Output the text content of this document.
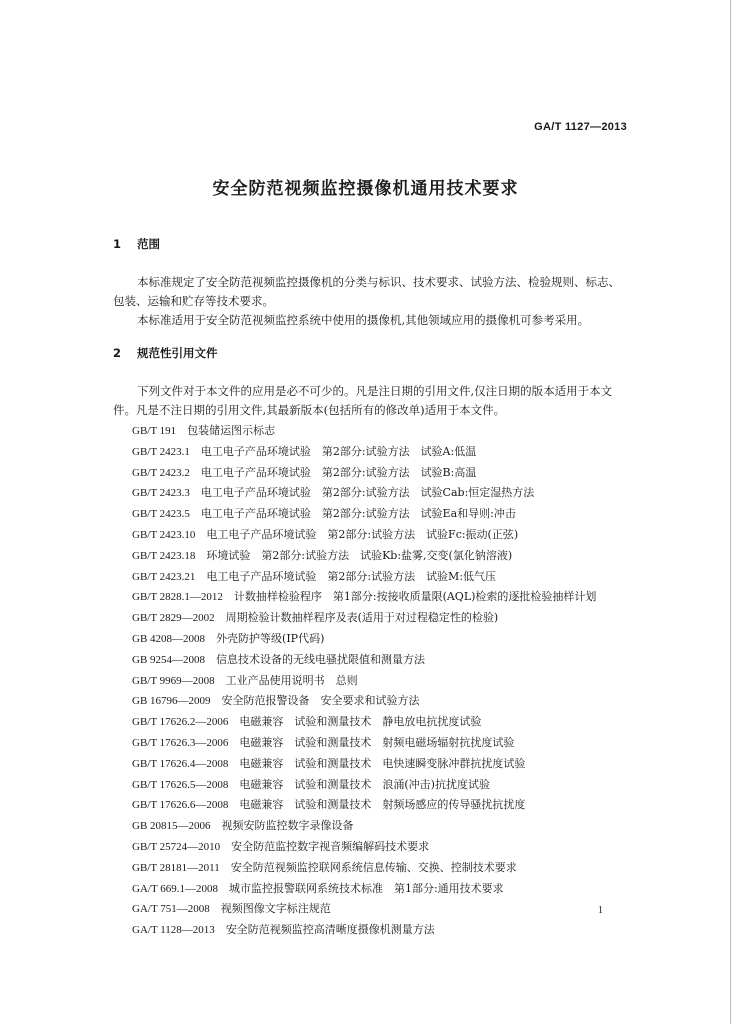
GA/T 1127—2013
安全防范视频监控摄像机通用技术要求
1 范围
本标准规定了安全防范视频监控摄像机的分类与标识、技术要求、试验方法、检验规则、标志、包装、运输和贮存等技术要求。
本标准适用于安全防范视频监控系统中使用的摄像机,其他领域应用的摄像机可参考采用。
2 规范性引用文件
下列文件对于本文件的应用是必不可少的。凡是注日期的引用文件,仅注日期的版本适用于本文件。凡是不注日期的引用文件,其最新版本(包括所有的修改单)适用于本文件。
GB/T 191　 包装储运图示标志
GB/T 2423.1　 电工电子产品环境试验　第2部分:试验方法　试验A:低温
GB/T 2423.2　 电工电子产品环境试验　第2部分:试验方法　试验B:高温
GB/T 2423.3　 电工电子产品环境试验　第2部分:试验方法　试验Cab:恒定湿热方法
GB/T 2423.5　 电工电子产品环境试验　第2部分:试验方法　试验Ea和导则:冲击
GB/T 2423.10　 电工电子产品环境试验　第2部分:试验方法　试验Fc:振动(正弦)
GB/T 2423.18　 环境试验　第2部分:试验方法　试验Kb:盐雾,交变(氯化钠溶液)
GB/T 2423.21　 电工电子产品环境试验　第2部分:试验方法　试验M:低气压
GB/T 2828.1—2012　 计数抽样检验程序　第1部分:按接收质量限(AQL)检索的逐批检验抽样计划
GB/T 2829—2002　 周期检验计数抽样程序及表(适用于对过程稳定性的检验)
GB 4208—2008　 外壳防护等级(IP代码)
GB 9254—2008　 信息技术设备的无线电骚扰限值和测量方法
GB/T 9969—2008　 工业产品使用说明书　总则
GB 16796—2009　 安全防范报警设备　安全要求和试验方法
GB/T 17626.2—2006　 电磁兼容　试验和测量技术　静电放电抗扰度试验
GB/T 17626.3—2006　 电磁兼容　试验和测量技术　射频电磁场辐射抗扰度试验
GB/T 17626.4—2008　 电磁兼容　试验和测量技术　电快速瞬变脉冲群抗扰度试验
GB/T 17626.5—2008　 电磁兼容　试验和测量技术　浪涌(冲击)抗扰度试验
GB/T 17626.6—2008　 电磁兼容　试验和测量技术　射频场感应的传导骚扰抗扰度
GB 20815—2006　 视频安防监控数字录像设备
GB/T 25724—2010　 安全防范监控数字视音频编解码技术要求
GB/T 28181—2011　 安全防范视频监控联网系统信息传输、交换、控制技术要求
GA/T 669.1—2008　 城市监控报警联网系统技术标准　第1部分:通用技术要求
GA/T 751—2008　 视频图像文字标注规范
GA/T 1128—2013　 安全防范视频监控高清晰度摄像机测量方法
1
